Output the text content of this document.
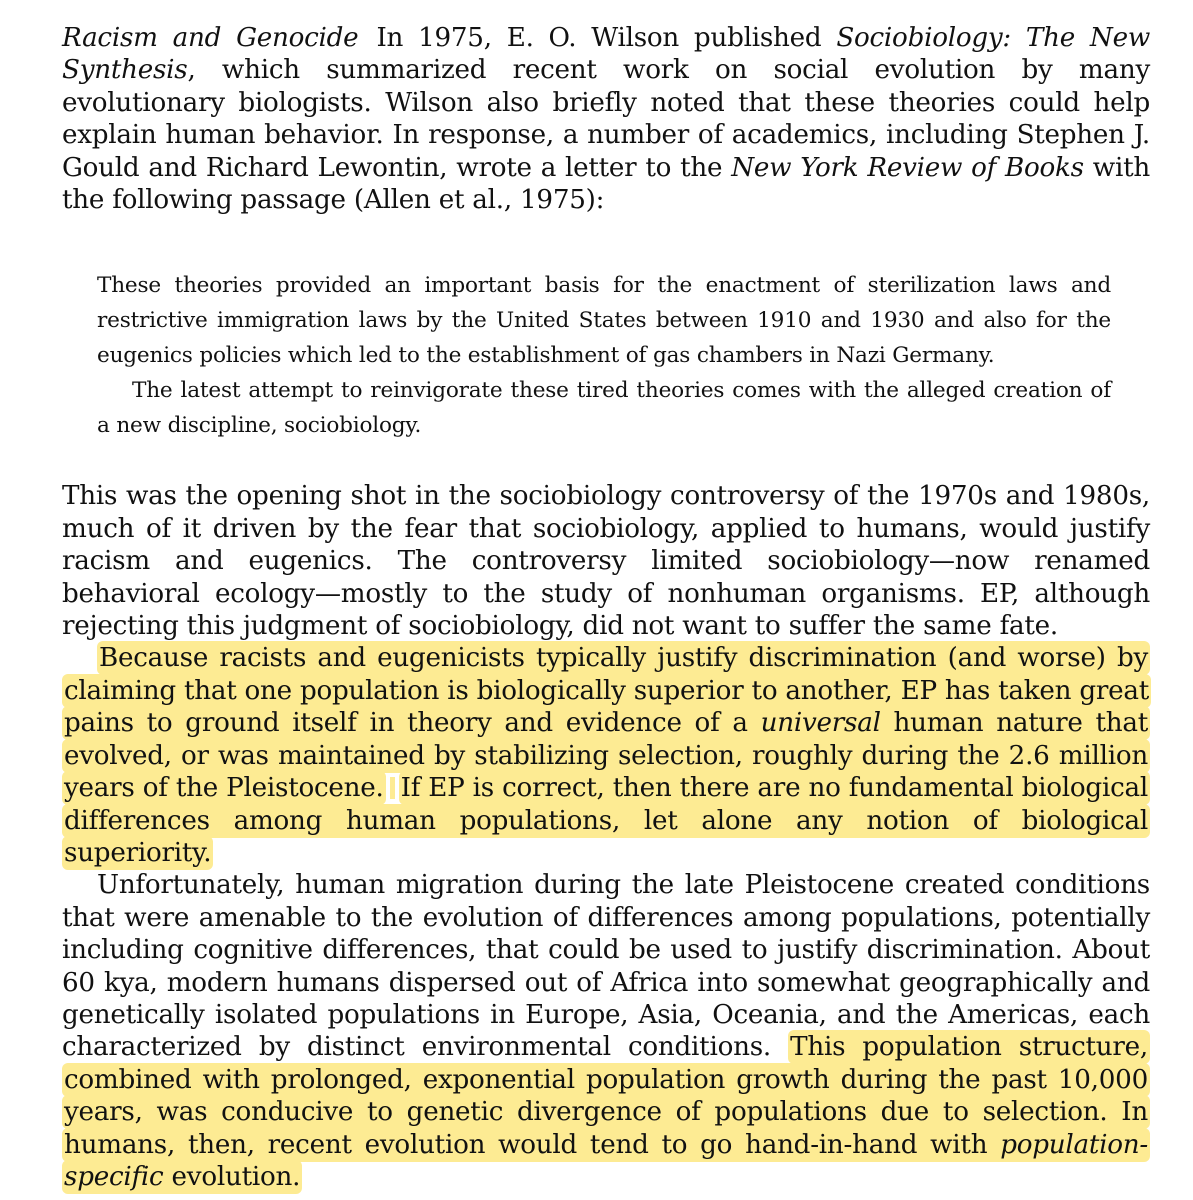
Racism and Genocide In 1975, E. O. Wilson published Sociobiology: The New Synthesis, which summarized recent work on social evolution by many evolutionary biologists. Wilson also briefly noted that these theories could help explain human behavior. In response, a number of academics, including Stephen J. Gould and Richard Lewontin, wrote a letter to the New York Review of Books with the following passage (Allen et al., 1975):

These theories provided an important basis for the enactment of sterilization laws and restrictive immigration laws by the United States between 1910 and 1930 and also for the eugenics policies which led to the establishment of gas chambers in Nazi Germany.

The latest attempt to reinvigorate these tired theories comes with the alleged creation of a new discipline, sociobiology.

This was the opening shot in the sociobiology controversy of the 1970s and 1980s, much of it driven by the fear that sociobiology, applied to humans, would justify racism and eugenics. The controversy limited sociobiology—now renamed behavioral ecology—mostly to the study of nonhuman organisms. EP, although rejecting this judgment of sociobiology, did not want to suffer the same fate.

Because racists and eugenicists typically justify discrimination (and worse) by claiming that one population is biologically superior to another, EP has taken great pains to ground itself in theory and evidence of a universal human nature that evolved, or was maintained by stabilizing selection, roughly during the 2.6 million years of the Pleistocene. If EP is correct, then there are no fundamental biological differences among human populations, let alone any notion of biological superiority.

Unfortunately, human migration during the late Pleistocene created conditions that were amenable to the evolution of differences among populations, potentially including cognitive differences, that could be used to justify discrimination. About 60 kya, modern humans dispersed out of Africa into somewhat geographically and genetically isolated populations in Europe, Asia, Oceania, and the Americas, each characterized by distinct environmental conditions. This population structure, combined with prolonged, exponential population growth during the past 10,000 years, was conducive to genetic divergence of populations due to selection. In humans, then, recent evolution would tend to go hand-in-hand with population-specific evolution.
